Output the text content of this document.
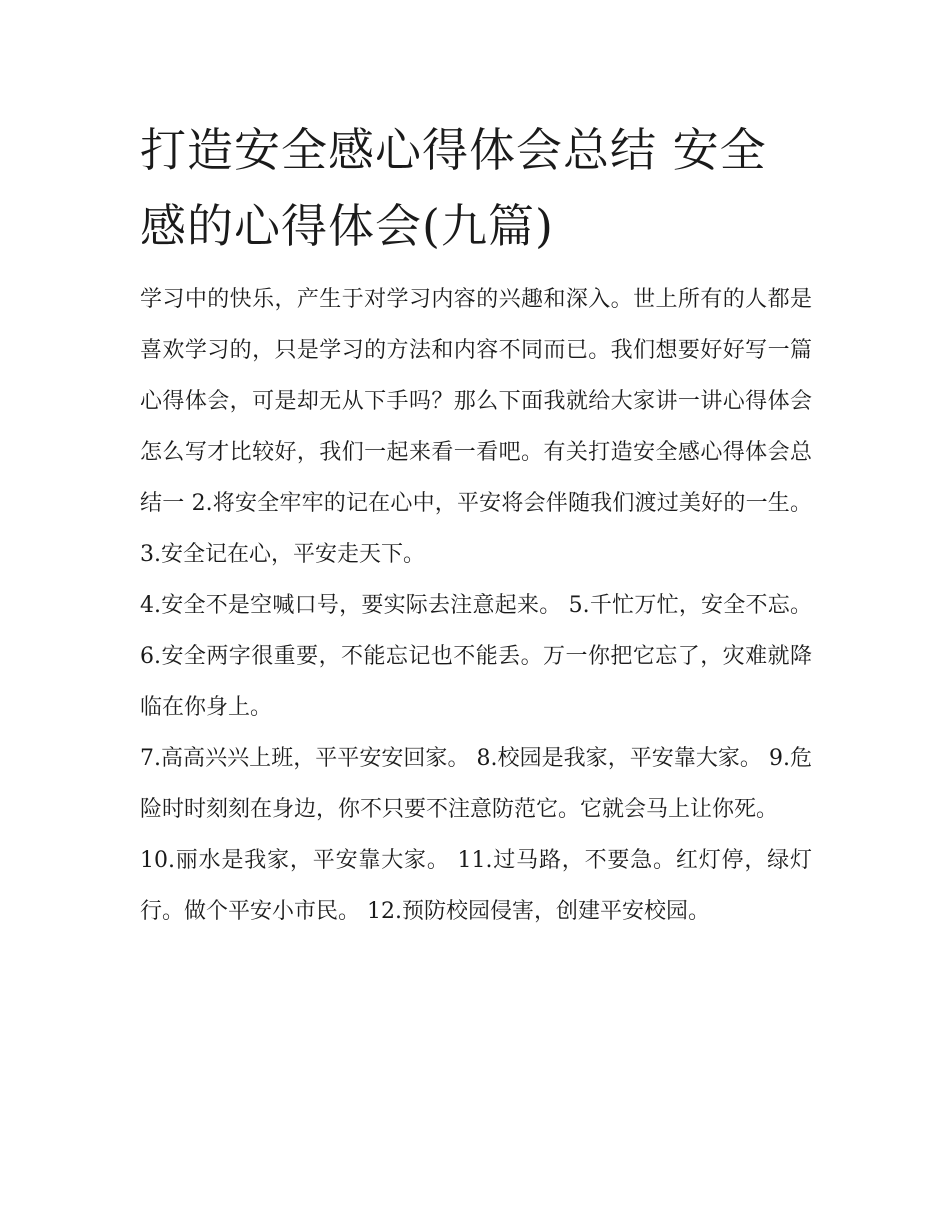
打造安全感心得体会总结 安全感的心得体会(九篇)

学习中的快乐，产生于对学习内容的兴趣和深入。世上所有的人都是喜欢学习的，只是学习的方法和内容不同而已。我们想要好好写一篇心得体会，可是却无从下手吗？那么下面我就给大家讲一讲心得体会怎么写才比较好，我们一起来看一看吧。有关打造安全感心得体会总结一 2.将安全牢牢的记在心中，平安将会伴随我们渡过美好的一生。 3.安全记在心，平安走天下。

4.安全不是空喊口号，要实际去注意起来。 5.千忙万忙，安全不忘。 6.安全两字很重要，不能忘记也不能丢。万一你把它忘了，灾难就降临在你身上。

7.高高兴兴上班，平平安安回家。 8.校园是我家，平安靠大家。 9.危险时时刻刻在身边，你不只要不注意防范它。它就会马上让你死。

10.丽水是我家，平安靠大家。 11.过马路，不要急。红灯停，绿灯行。做个平安小市民。 12.预防校园侵害，创建平安校园。
